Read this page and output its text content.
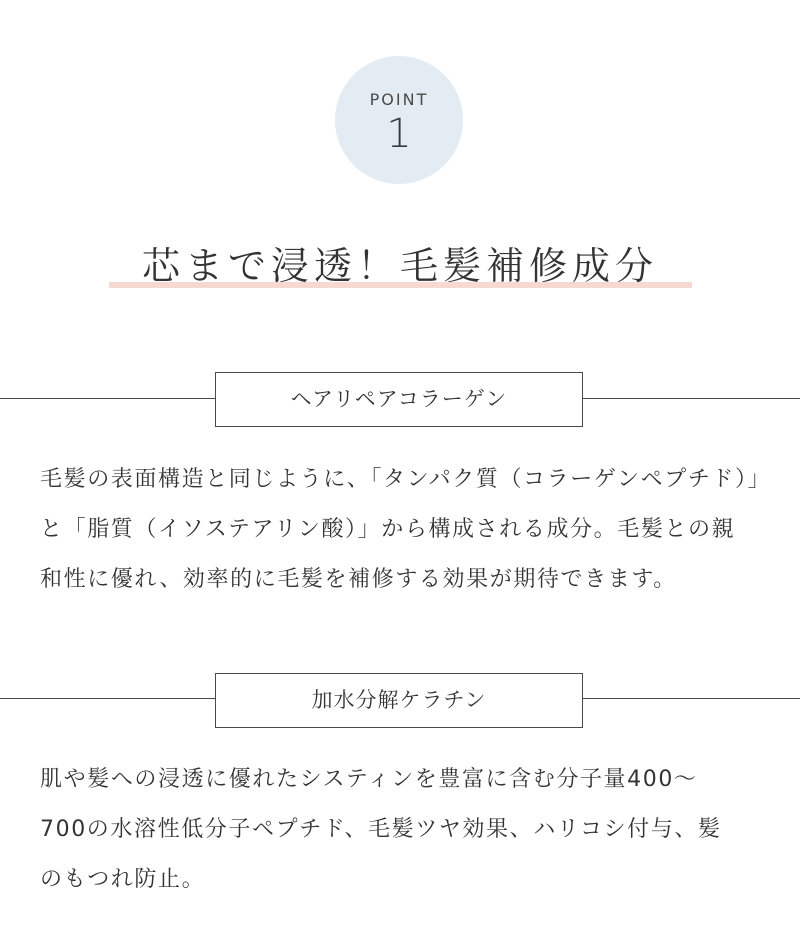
POINT
1
芯まで浸透！毛髪補修成分
ヘアリペアコラーゲン
毛髪の表面構造と同じように、「タンパク質（コラーゲンペプチド）」
と「脂質（イソステアリン酸）」から構成される成分。毛髪との親
和性に優れ、効率的に毛髪を補修する効果が期待できます。
加水分解ケラチン
肌や髪への浸透に優れたシスティンを豊富に含む分子量400～
700の水溶性低分子ペプチド、毛髪ツヤ効果、ハリコシ付与、髪
のもつれ防止。
